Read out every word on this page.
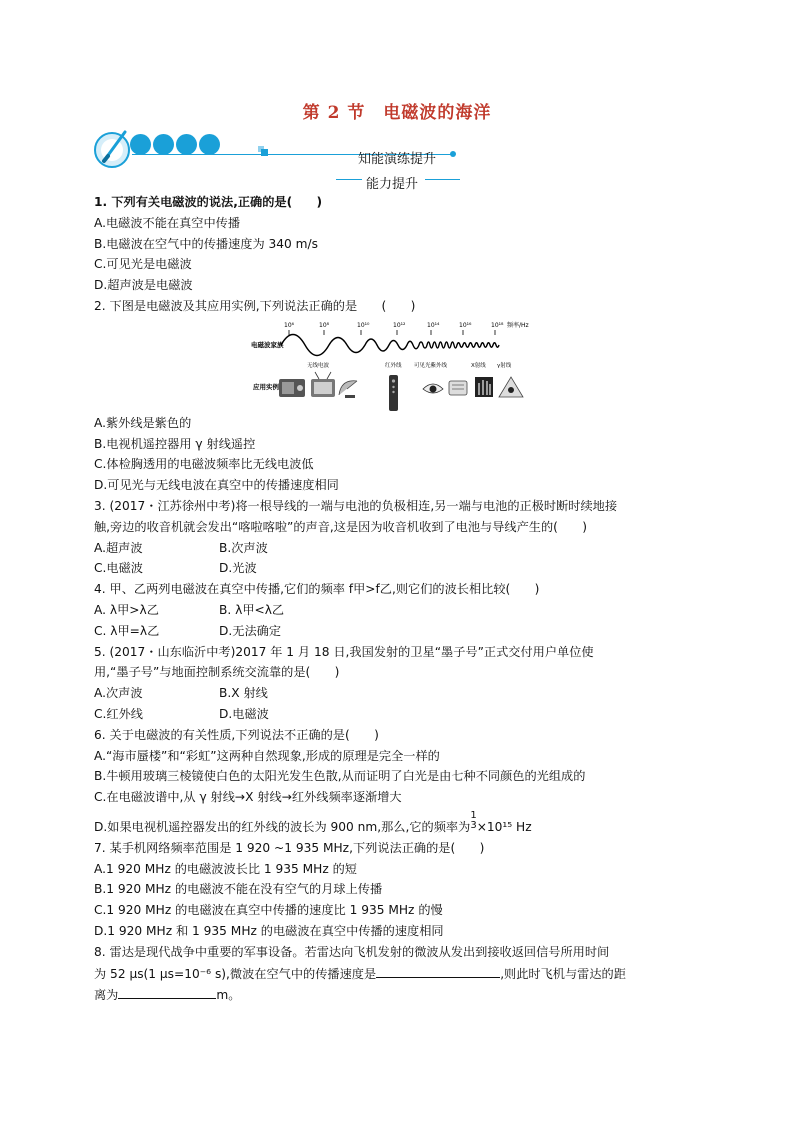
第 2 节　电磁波的海洋
知能演练提升
能力提升
1. 下列有关电磁波的说法,正确的是(　　)
A.电磁波不能在真空中传播
B.电磁波在空气中的传播速度为 340 m/s
C.可见光是电磁波
D.超声波是电磁波
2. 下图是电磁波及其应用实例,下列说法正确的是　　(　　)
电磁波家族
应用实例
10⁶	10⁸	10¹⁰	10¹²	10¹⁴	10¹⁶	10¹⁸ 频率/Hz
无线电波	红外线 可见光紫外线	X射线 γ射线
A.紫外线是紫色的
B.电视机遥控器用 γ 射线遥控
C.体检胸透用的电磁波频率比无线电波低
D.可见光与无线电波在真空中的传播速度相同
3. (2017・江苏徐州中考)将一根导线的一端与电池的负极相连,另一端与电池的正极时断时续地接
触,旁边的收音机就会发出“喀啦喀啦”的声音,这是因为收音机收到了电池与导线产生的(　　)
A.超声波	B.次声波
C.电磁波	D.光波
4. 甲、乙两列电磁波在真空中传播,它们的频率 f甲>f乙,则它们的波长相比较(　　)
A. λ甲>λ乙	B. λ甲<λ乙
C. λ甲=λ乙	D.无法确定
5. (2017・山东临沂中考)2017 年 1 月 18 日,我国发射的卫星“墨子号”正式交付用户单位使
用,“墨子号”与地面控制系统交流靠的是(　　)
A.次声波	B.X 射线
C.红外线	D.电磁波
6. 关于电磁波的有关性质,下列说法不正确的是(　　)
A.“海市蜃楼”和“彩虹”这两种自然现象,形成的原理是完全一样的
B.牛顿用玻璃三棱镜使白色的太阳光发生色散,从而证明了白光是由七种不同颜色的光组成的
C.在电磁波谱中,从 γ 射线→X 射线→红外线频率逐渐增大
D.如果电视机遥控器发出的红外线的波长为 900 nm,那么,它的频率为1
3×10¹⁵ Hz
7. 某手机网络频率范围是 1 920 ~1 935 MHz,下列说法正确的是(　　)
A.1 920 MHz 的电磁波波长比 1 935 MHz 的短
B.1 920 MHz 的电磁波不能在没有空气的月球上传播
C.1 920 MHz 的电磁波在真空中传播的速度比 1 935 MHz 的慢
D.1 920 MHz 和 1 935 MHz 的电磁波在真空中传播的速度相同
8. 雷达是现代战争中重要的军事设备。若雷达向飞机发射的微波从发出到接收返回信号所用时间
为 52 μs(1 μs=10⁻⁶ s),微波在空气中的传播速度是	,则此时飞机与雷达的距
离为	m。
